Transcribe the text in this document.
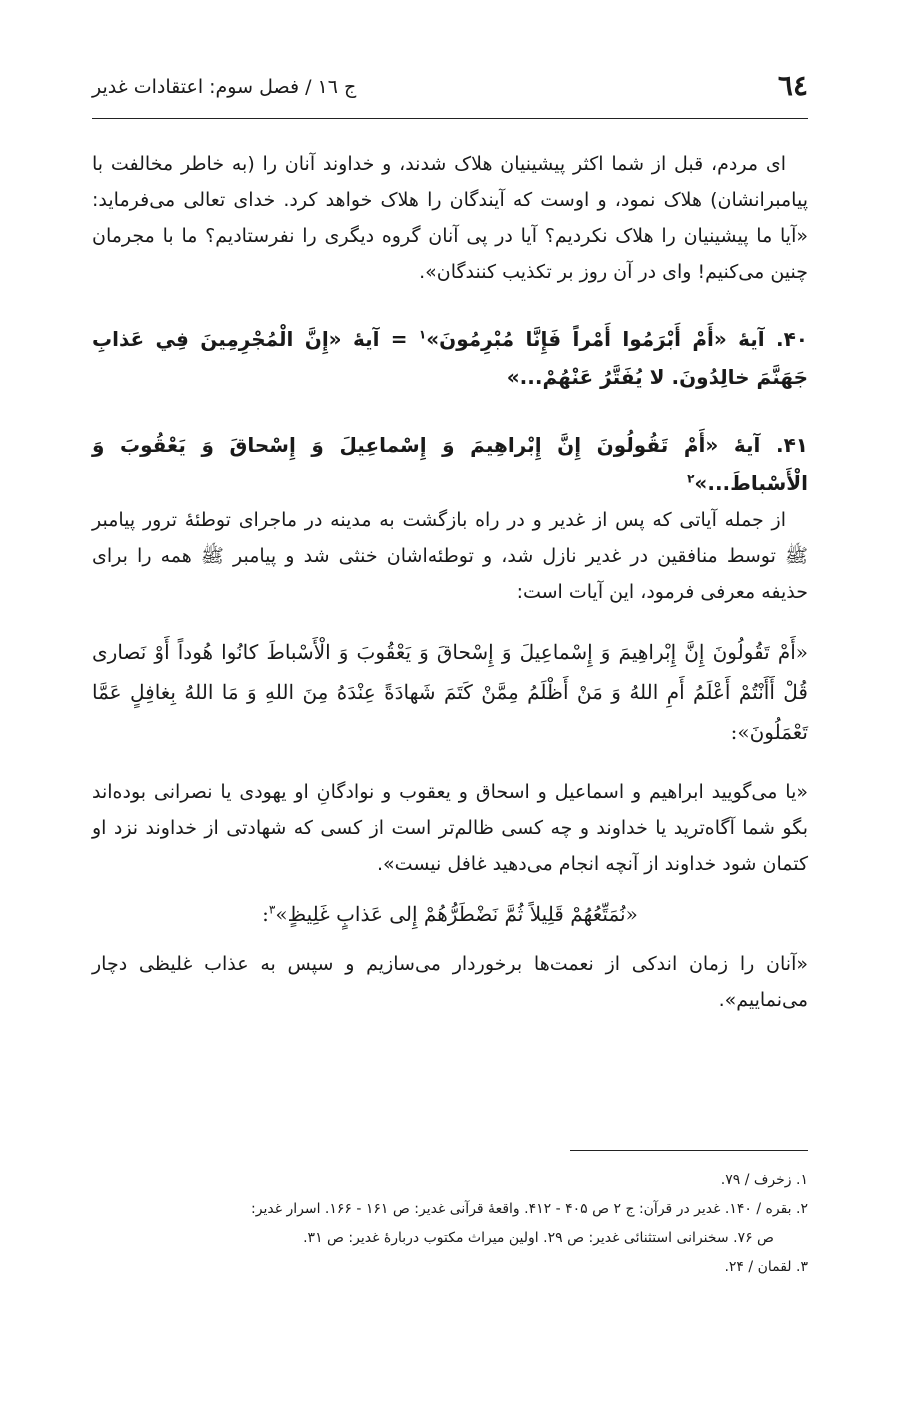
٦٤
ج ١٦ / فصل سوم: اعتقادات غدیر

ای مردم، قبل از شما اکثر پیشینیان هلاک شدند، و خداوند آنان را (به خاطر مخالفت با پیامبرانشان) هلاک نمود، و اوست که آیندگان را هلاک خواهد کرد. خدای تعالی می‌فرماید: «آیا ما پیشینیان را هلاک نکردیم؟ آیا در پی آنان گروه دیگری را نفرستادیم؟ ما با مجرمان چنین می‌کنیم! وای در آن روز بر تکذیب کنندگان».

۴۰. آیهٔ «أَمْ أَبْرَمُوا أَمْراً فَإِنَّا مُبْرِمُونَ»$^۱$ = آیهٔ «إِنَّ الْمُجْرِمِينَ فِي عَذابِ جَهَنَّمَ خالِدُونَ. لا يُفَتَّرُ عَنْهُمْ...»

۴۱. آیهٔ «أَمْ تَقُولُونَ إِنَّ إِبْراهِيمَ وَ إِسْماعِيلَ وَ إِسْحاقَ وَ يَعْقُوبَ وَ الْأَسْباطَ...»$^۲$

از جمله آیاتی که پس از غدیر و در راه بازگشت به مدینه در ماجرای توطئهٔ ترور پیامبر ﷺ توسط منافقین در غدیر نازل شد، و توطئه‌اشان خنثی شد و پیامبر ﷺ همه را برای حذیفه معرفی فرمود، این آیات است:

«أَمْ تَقُولُونَ إِنَّ إِبْراهِيمَ وَ إِسْماعِيلَ وَ إِسْحاقَ وَ يَعْقُوبَ وَ الْأَسْباطَ كانُوا هُوداً أَوْ نَصارى قُلْ أَأَنْتُمْ أَعْلَمُ أَمِ اللهُ وَ مَنْ أَظْلَمُ مِمَّنْ كَتَمَ شَهادَةً عِنْدَهُ مِنَ اللهِ وَ مَا اللهُ بِغافِلٍ عَمَّا تَعْمَلُونَ»:

«یا می‌گویید ابراهیم و اسماعیل و اسحاق و یعقوب و نوادگانِ او یهودی یا نصرانی بوده‌اند بگو شما آگاه‌ترید یا خداوند و چه کسی ظالم‌تر است از کسی که شهادتی از خداوند نزد او کتمان شود خداوند از آنچه انجام می‌دهید غافل نیست».

«نُمَتِّعُهُمْ قَلِيلاً ثُمَّ نَضْطَرُّهُمْ إِلى عَذابٍ غَلِيظٍ»$^۳$:

«آنان را زمان اندکی از نعمت‌ها برخوردار می‌سازیم و سپس به عذاب غلیظی دچار می‌نماییم».

۱. زخرف / ۷۹.

۲. بقره / ۱۴۰. غدیر در قرآن: ج ۲ ص ۴۰۵ - ۴۱۲. واقعهٔ قرآنی غدیر: ص ۱۶۱ - ۱۶۶. اسرار غدیر:

ص ۷۶. سخنرانی استثنائی غدیر: ص ۲۹. اولین میراث مکتوب دربارهٔ غدیر: ص ۳۱.

۳. لقمان / ۲۴.
